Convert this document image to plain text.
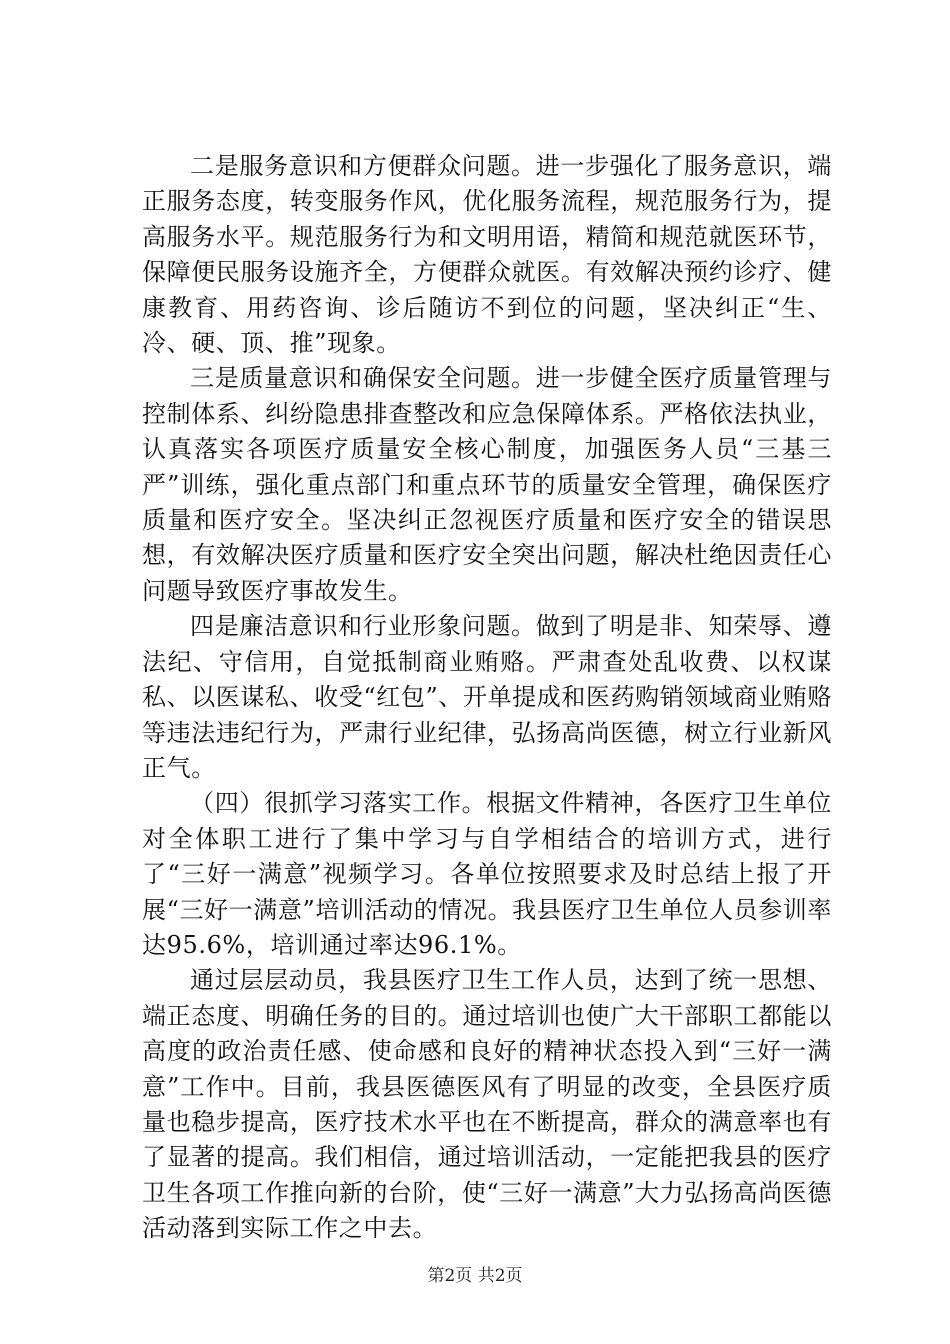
二是服务意识和方便群众问题。进一步强化了服务意识，端正服务态度，转变服务作风，优化服务流程，规范服务行为，提高服务水平。规范服务行为和文明用语，精简和规范就医环节，保障便民服务设施齐全，方便群众就医。有效解决预约诊疗、健康教育、用药咨询、诊后随访不到位的问题，坚决纠正“生、冷、硬、顶、推”现象。

三是质量意识和确保安全问题。进一步健全医疗质量管理与控制体系、纠纷隐患排查整改和应急保障体系。严格依法执业，认真落实各项医疗质量安全核心制度，加强医务人员“三基三严”训练，强化重点部门和重点环节的质量安全管理，确保医疗质量和医疗安全。坚决纠正忽视医疗质量和医疗安全的错误思想，有效解决医疗质量和医疗安全突出问题，解决杜绝因责任心问题导致医疗事故发生。

四是廉洁意识和行业形象问题。做到了明是非、知荣辱、遵法纪、守信用，自觉抵制商业贿赂。严肃查处乱收费、以权谋私、以医谋私、收受“红包”、开单提成和医药购销领域商业贿赂等违法违纪行为，严肃行业纪律，弘扬高尚医德，树立行业新风正气。

（四）很抓学习落实工作。根据文件精神，各医疗卫生单位对全体职工进行了集中学习与自学相结合的培训方式，进行了“三好一满意”视频学习。各单位按照要求及时总结上报了开展“三好一满意”培训活动的情况。我县医疗卫生单位人员参训率达95.6%，培训通过率达96.1%。

通过层层动员，我县医疗卫生工作人员，达到了统一思想、端正态度、明确任务的目的。通过培训也使广大干部职工都能以高度的政治责任感、使命感和良好的精神状态投入到“三好一满意”工作中。目前，我县医德医风有了明显的改变，全县医疗质量也稳步提高，医疗技术水平也在不断提高，群众的满意率也有了显著的提高。我们相信，通过培训活动，一定能把我县的医疗卫生各项工作推向新的台阶，使“三好一满意”大力弘扬高尚医德活动落到实际工作之中去。

第2页 共2页
